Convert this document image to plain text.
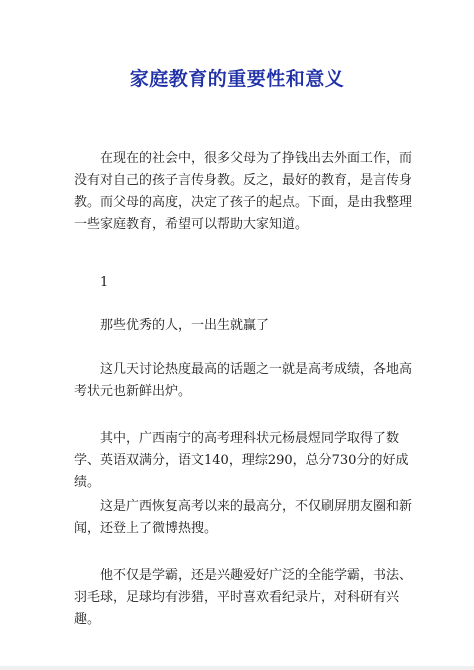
家庭教育的重要性和意义

在现在的社会中，很多父母为了挣钱出去外面工作，而没有对自己的孩子言传身教。反之，最好的教育，是言传身教。而父母的高度，决定了孩子的起点。下面，是由我整理一些家庭教育，希望可以帮助大家知道。

1

那些优秀的人，一出生就赢了

这几天讨论热度最高的话题之一就是高考成绩，各地高考状元也新鲜出炉。

其中，广西南宁的高考理科状元杨晨煜同学取得了数学、英语双满分，语文140，理综290，总分730分的好成绩。

这是广西恢复高考以来的最高分，不仅刷屏朋友圈和新闻，还登上了微博热搜。

他不仅是学霸，还是兴趣爱好广泛的全能学霸，书法、羽毛球，足球均有涉猎，平时喜欢看纪录片，对科研有兴趣。
